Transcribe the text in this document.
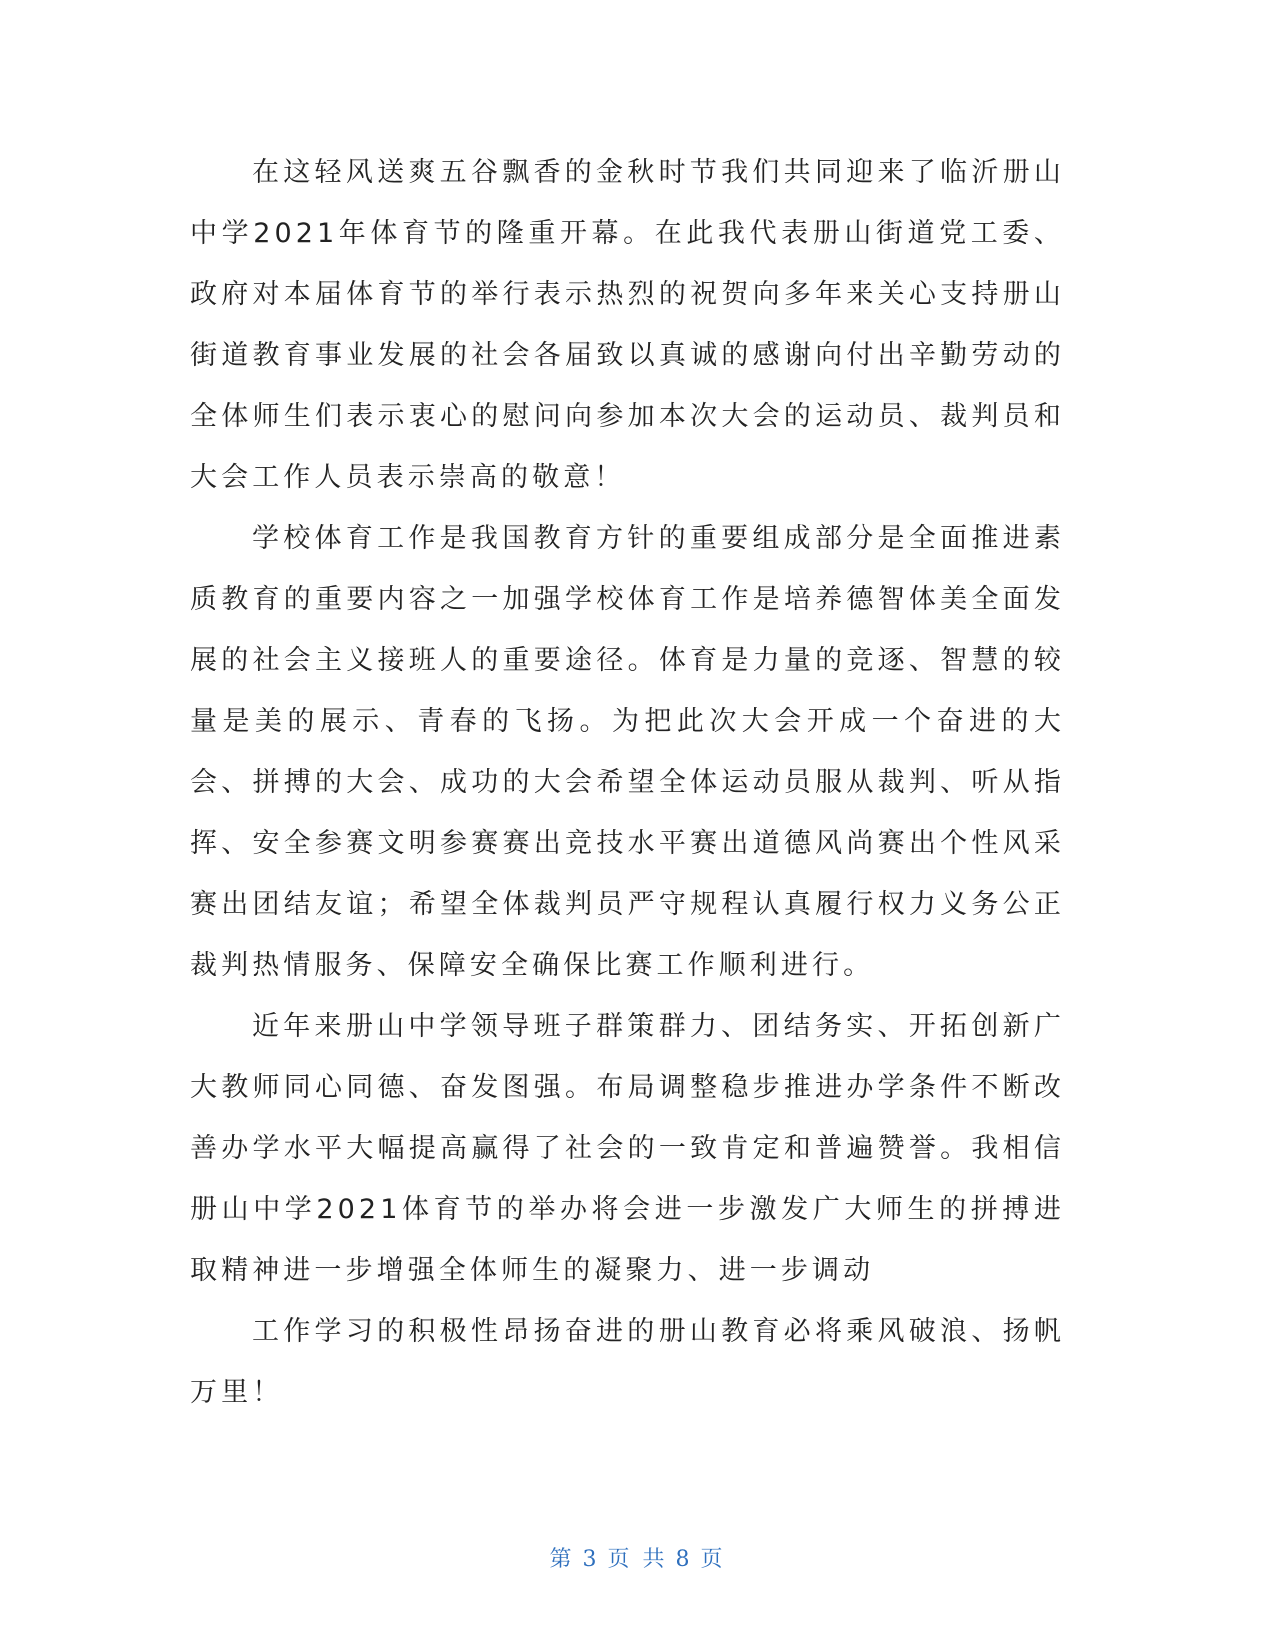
在这轻风送爽五谷飘香的金秋时节我们共同迎来了临沂册山中学2021年体育节的隆重开幕。在此我代表册山街道党工委、政府对本届体育节的举行表示热烈的祝贺向多年来关心支持册山街道教育事业发展的社会各届致以真诚的感谢向付出辛勤劳动的全体师生们表示衷心的慰问向参加本次大会的运动员、裁判员和大会工作人员表示崇高的敬意！

学校体育工作是我国教育方针的重要组成部分是全面推进素质教育的重要内容之一加强学校体育工作是培养德智体美全面发展的社会主义接班人的重要途径。体育是力量的竞逐、智慧的较量是美的展示、青春的飞扬。为把此次大会开成一个奋进的大会、拼搏的大会、成功的大会希望全体运动员服从裁判、听从指挥、安全参赛文明参赛赛出竞技水平赛出道德风尚赛出个性风采赛出团结友谊；希望全体裁判员严守规程认真履行权力义务公正裁判热情服务、保障安全确保比赛工作顺利进行。

近年来册山中学领导班子群策群力、团结务实、开拓创新广大教师同心同德、奋发图强。布局调整稳步推进办学条件不断改善办学水平大幅提高赢得了社会的一致肯定和普遍赞誉。我相信册山中学2021体育节的举办将会进一步激发广大师生的拼搏进取精神进一步增强全体师生的凝聚力、进一步调动

工作学习的积极性昂扬奋进的册山教育必将乘风破浪、扬帆万里！

第 3 页 共 8 页
